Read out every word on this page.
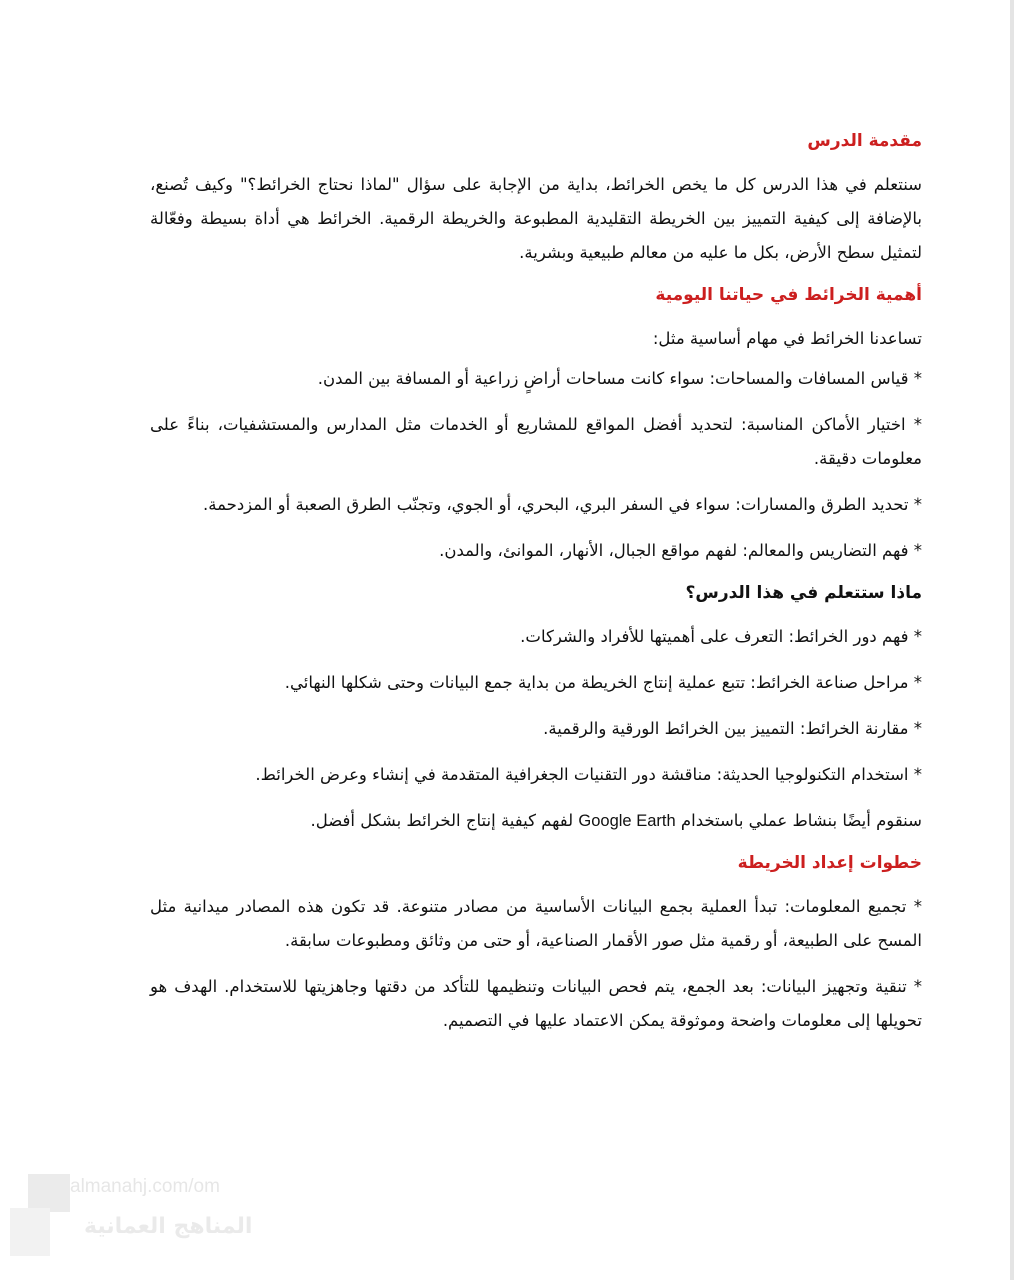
مقدمة الدرس

سنتعلم في هذا الدرس كل ما يخص الخرائط، بداية من الإجابة على سؤال "لماذا نحتاج الخرائط؟" وكيف تُصنع، بالإضافة إلى كيفية التمييز بين الخريطة التقليدية المطبوعة والخريطة الرقمية. الخرائط هي أداة بسيطة وفعّالة لتمثيل سطح الأرض، بكل ما عليه من معالم طبيعية وبشرية.

أهمية الخرائط في حياتنا اليومية

تساعدنا الخرائط في مهام أساسية مثل:

* قياس المسافات والمساحات: سواء كانت مساحات أراضٍ زراعية أو المسافة بين المدن.

* اختيار الأماكن المناسبة: لتحديد أفضل المواقع للمشاريع أو الخدمات مثل المدارس والمستشفيات، بناءً على معلومات دقيقة.

* تحديد الطرق والمسارات: سواء في السفر البري، البحري، أو الجوي، وتجنّب الطرق الصعبة أو المزدحمة.

* فهم التضاريس والمعالم: لفهم مواقع الجبال، الأنهار، الموانئ، والمدن.

ماذا ستتعلم في هذا الدرس؟

* فهم دور الخرائط: التعرف على أهميتها للأفراد والشركات.

* مراحل صناعة الخرائط: تتبع عملية إنتاج الخريطة من بداية جمع البيانات وحتى شكلها النهائي.

* مقارنة الخرائط: التمييز بين الخرائط الورقية والرقمية.

* استخدام التكنولوجيا الحديثة: مناقشة دور التقنيات الجغرافية المتقدمة في إنشاء وعرض الخرائط.

سنقوم أيضًا بنشاط عملي باستخدام Google Earth لفهم كيفية إنتاج الخرائط بشكل أفضل.

خطوات إعداد الخريطة

* تجميع المعلومات: تبدأ العملية بجمع البيانات الأساسية من مصادر متنوعة. قد تكون هذه المصادر ميدانية مثل المسح على الطبيعة، أو رقمية مثل صور الأقمار الصناعية، أو حتى من وثائق ومطبوعات سابقة.

* تنقية وتجهيز البيانات: بعد الجمع، يتم فحص البيانات وتنظيمها للتأكد من دقتها وجاهزيتها للاستخدام. الهدف هو تحويلها إلى معلومات واضحة وموثوقة يمكن الاعتماد عليها في التصميم.

almanahj.com/om
المناهج العمانية
